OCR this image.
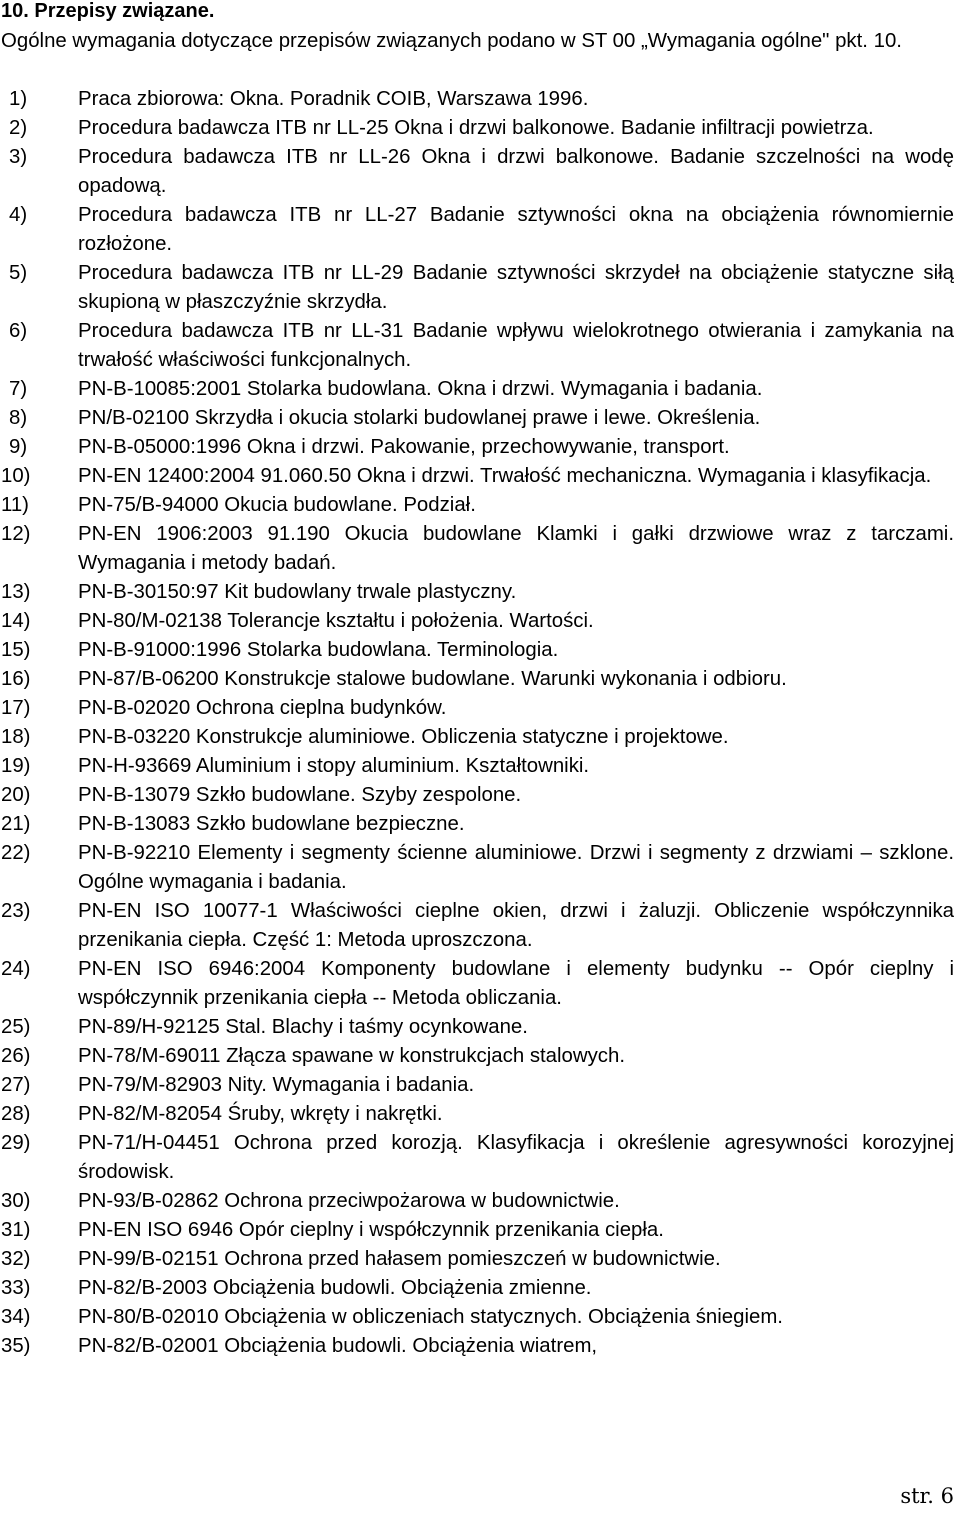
10. Przepisy związane.
Ogólne wymagania dotyczące przepisów związanych podano w ST 00 „Wymagania ogólne" pkt. 10.
1) Praca zbiorowa: Okna. Poradnik COIB, Warszawa 1996.
2) Procedura badawcza ITB nr LL-25 Okna i drzwi balkonowe. Badanie infiltracji powietrza.
3) Procedura badawcza ITB nr LL-26 Okna i drzwi balkonowe. Badanie szczelności na wodę opadową.
4) Procedura badawcza ITB nr LL-27 Badanie sztywności okna na obciążenia równomiernie rozłożone.
5) Procedura badawcza ITB nr LL-29 Badanie sztywności skrzydeł na obciążenie statyczne siłą skupioną w płaszczyźnie skrzydła.
6) Procedura badawcza ITB nr LL-31 Badanie wpływu wielokrotnego otwierania i zamykania na trwałość właściwości funkcjonalnych.
7) PN-B-10085:2001 Stolarka budowlana. Okna i drzwi. Wymagania i badania.
8) PN/B-02100 Skrzydła i okucia stolarki budowlanej prawe i lewe. Określenia.
9) PN-B-05000:1996 Okna i drzwi. Pakowanie, przechowywanie, transport.
10) PN-EN 12400:2004 91.060.50 Okna i drzwi. Trwałość mechaniczna. Wymagania i klasyfikacja.
11) PN-75/B-94000 Okucia budowlane. Podział.
12) PN-EN 1906:2003 91.190 Okucia budowlane Klamki i gałki drzwiowe wraz z tarczami. Wymagania i metody badań.
13) PN-B-30150:97 Kit budowlany trwale plastyczny.
14) PN-80/M-02138 Tolerancje kształtu i położenia. Wartości.
15) PN-B-91000:1996 Stolarka budowlana. Terminologia.
16) PN-87/B-06200 Konstrukcje stalowe budowlane. Warunki wykonania i odbioru.
17) PN-B-02020 Ochrona cieplna budynków.
18) PN-B-03220 Konstrukcje aluminiowe. Obliczenia statyczne i projektowe.
19) PN-H-93669 Aluminium i stopy aluminium. Kształtowniki.
20) PN-B-13079 Szkło budowlane. Szyby zespolone.
21) PN-B-13083 Szkło budowlane bezpieczne.
22) PN-B-92210 Elementy i segmenty ścienne aluminiowe. Drzwi i segmenty z drzwiami – szklone. Ogólne wymagania i badania.
23) PN-EN ISO 10077-1 Właściwości cieplne okien, drzwi i żaluzji. Obliczenie współczynnika przenikania ciepła. Część 1: Metoda uproszczona.
24) PN-EN ISO 6946:2004 Komponenty budowlane i elementy budynku -- Opór cieplny i współczynnik przenikania ciepła -- Metoda obliczania.
25) PN-89/H-92125 Stal. Blachy i taśmy ocynkowane.
26) PN-78/M-69011 Złącza spawane w konstrukcjach stalowych.
27) PN-79/M-82903 Nity. Wymagania i badania.
28) PN-82/M-82054 Śruby, wkręty i nakrętki.
29) PN-71/H-04451 Ochrona przed korozją. Klasyfikacja i określenie agresywności korozyjnej środowisk.
30) PN-93/B-02862 Ochrona przeciwpożarowa w budownictwie.
31) PN-EN ISO 6946 Opór cieplny i współczynnik przenikania ciepła.
32) PN-99/B-02151 Ochrona przed hałasem pomieszczeń w budownictwie.
33) PN-82/B-2003 Obciążenia budowli. Obciążenia zmienne.
34) PN-80/B-02010 Obciążenia w obliczeniach statycznych. Obciążenia śniegiem.
35) PN-82/B-02001 Obciążenia budowli. Obciążenia wiatrem,
str. 6
